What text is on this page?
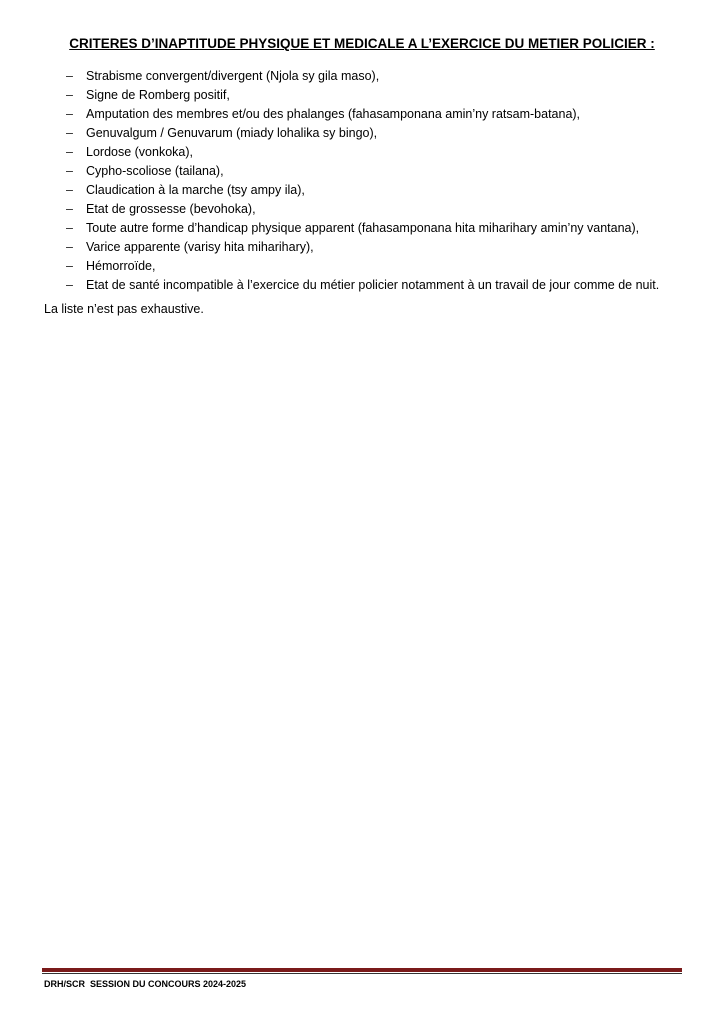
CRITERES D’INAPTITUDE PHYSIQUE ET MEDICALE A L’EXERCICE DU METIER POLICIER :
–	Strabisme convergent/divergent (Njola sy gila maso),
–	Signe de Romberg positif,
–	Amputation des membres et/ou des phalanges (fahasamponana amin’ny ratsam-batana),
–	Genuvalgum / Genuvarum (miady lohalika sy bingo),
–	Lordose (vonkoka),
–	Cypho-scoliose (tailana),
–	Claudication à la marche (tsy ampy ila),
–	Etat de grossesse (bevohoka),
–	Toute autre forme d’handicap physique apparent (fahasamponana hita miharihary amin’ny vantana),
–	Varice apparente (varisy hita miharihary),
–	Hémorroïde,
–	Etat de santé incompatible à l’exercice du métier policier notamment à un travail de jour comme de nuit.
La liste n’est pas exhaustive.
DRH/SCR  SESSION DU CONCOURS 2024-2025
